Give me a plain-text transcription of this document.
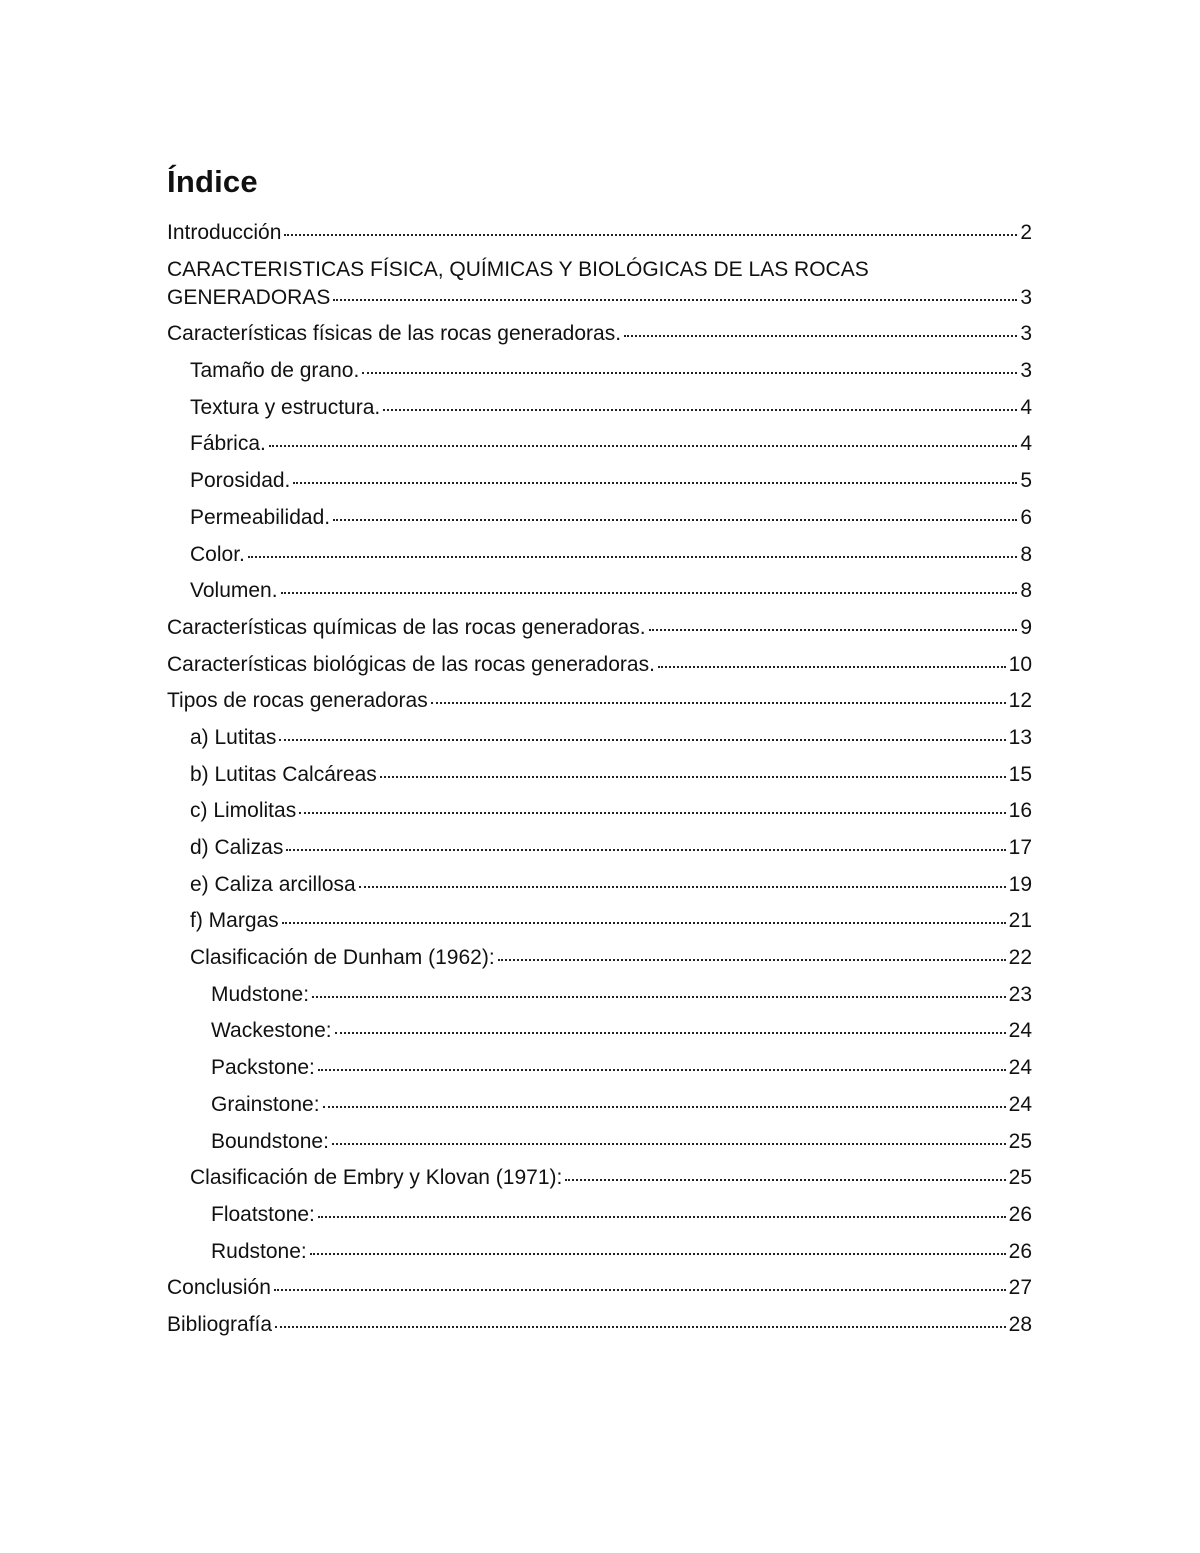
Índice
Introducción	2
CARACTERISTICAS FÍSICA, QUÍMICAS Y BIOLÓGICAS DE LAS ROCAS
GENERADORAS	3
Características físicas de las rocas generadoras.	3
Tamaño de grano.	3
Textura y estructura.	4
Fábrica.	4
Porosidad.	5
Permeabilidad.	6
Color.	8
Volumen.	8
Características químicas de las rocas generadoras.	9
Características biológicas de las rocas generadoras.	10
Tipos de rocas generadoras	12
a) Lutitas	13
b) Lutitas Calcáreas	15
c) Limolitas	16
d) Calizas	17
e) Caliza arcillosa	19
f) Margas	21
Clasificación de Dunham (1962):	22
Mudstone:	23
Wackestone:	24
Packstone:	24
Grainstone:	24
Boundstone:	25
Clasificación de Embry y Klovan (1971):	25
Floatstone:	26
Rudstone:	26
Conclusión	27
Bibliografía	28
